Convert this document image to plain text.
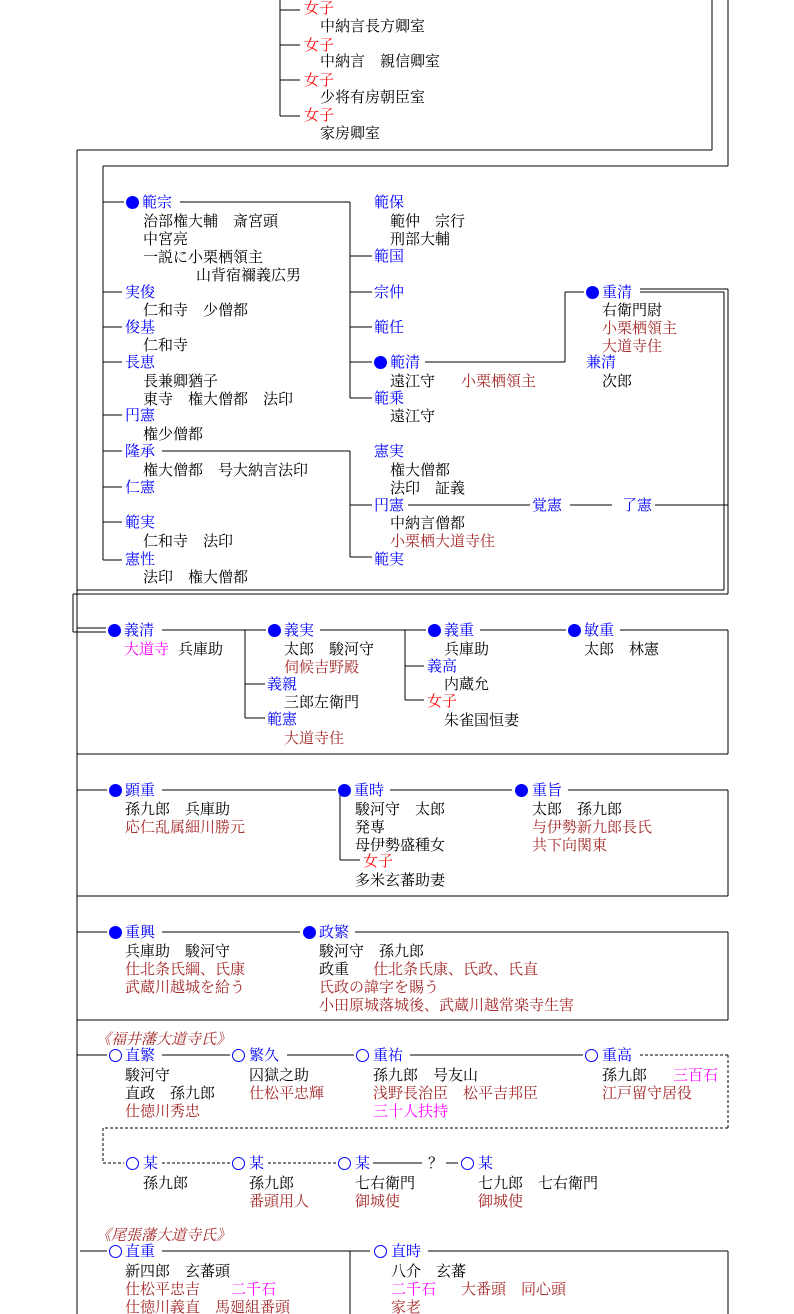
女子
中納言長方卿室
女子
中納言　親信卿室
女子
少将有房朝臣室
女子
家房卿室
範宗
治部権大輔　斎宮頭
中宮亮
一説に小栗栖領主
山背宿禰義広男
実俊
仁和寺　少僧都
俊基
仁和寺
長恵
長兼卿猶子
東寺　権大僧都　法印
円憲
権少僧都
隆承
権大僧都　号大納言法印
仁憲
範実
仁和寺　法印
憲性
法印　権大僧都
範保
範仲　宗行
刑部大輔
範国
宗仲
範任
範清
遠江守 小栗栖領主
範乗
遠江守
憲実
権大僧都
法印　証義
円憲
中納言僧都
小栗栖大道寺住
範実
覚憲	了憲
重清
右衛門尉
小栗栖領主
大道寺住
兼清
次郎
義清
大道寺 兵庫助
義実
太郎　駿河守
伺候吉野殿
義親
三郎左衛門
範憲
大道寺住
義重
兵庫助
義高
内蔵允
女子
朱雀国恒妻
敏重
太郎　林憲
顕重
孫九郎　兵庫助
応仁乱属細川勝元
重時
駿河守　太郎
発専
母伊勢盛種女
女子
多米玄蕃助妻
重旨
太郎　孫九郎
与伊勢新九郎長氏
共下向関東
重興
兵庫助　駿河守
仕北条氏綱、氏康
武蔵川越城を給う
政繁
駿河守　孫九郎
政重 仕北条氏康、氏政、氏直
氏政の諱字を賜う
小田原城落城後、武蔵川越常楽寺生害
《福井藩大道寺氏》
直繁
駿河守
直政　孫九郎
仕徳川秀忠
繁久
囚獄之助
仕松平忠輝
重祐
孫九郎　号友山
浅野長治臣　松平吉邦臣
三十人扶持
重高
孫九郎 三百石
江戸留守居役
某
孫九郎
某
孫九郎
番頭用人
某
七右衛門
御城使
？ 某
七九郎　七右衛門
御城使
《尾張藩大道寺氏》
直重
新四郎　玄蕃頭
仕松平忠吉 二千石
仕徳川義直　馬廻組番頭
直時
八介　玄蕃
二千石 大番頭　同心頭
家老
